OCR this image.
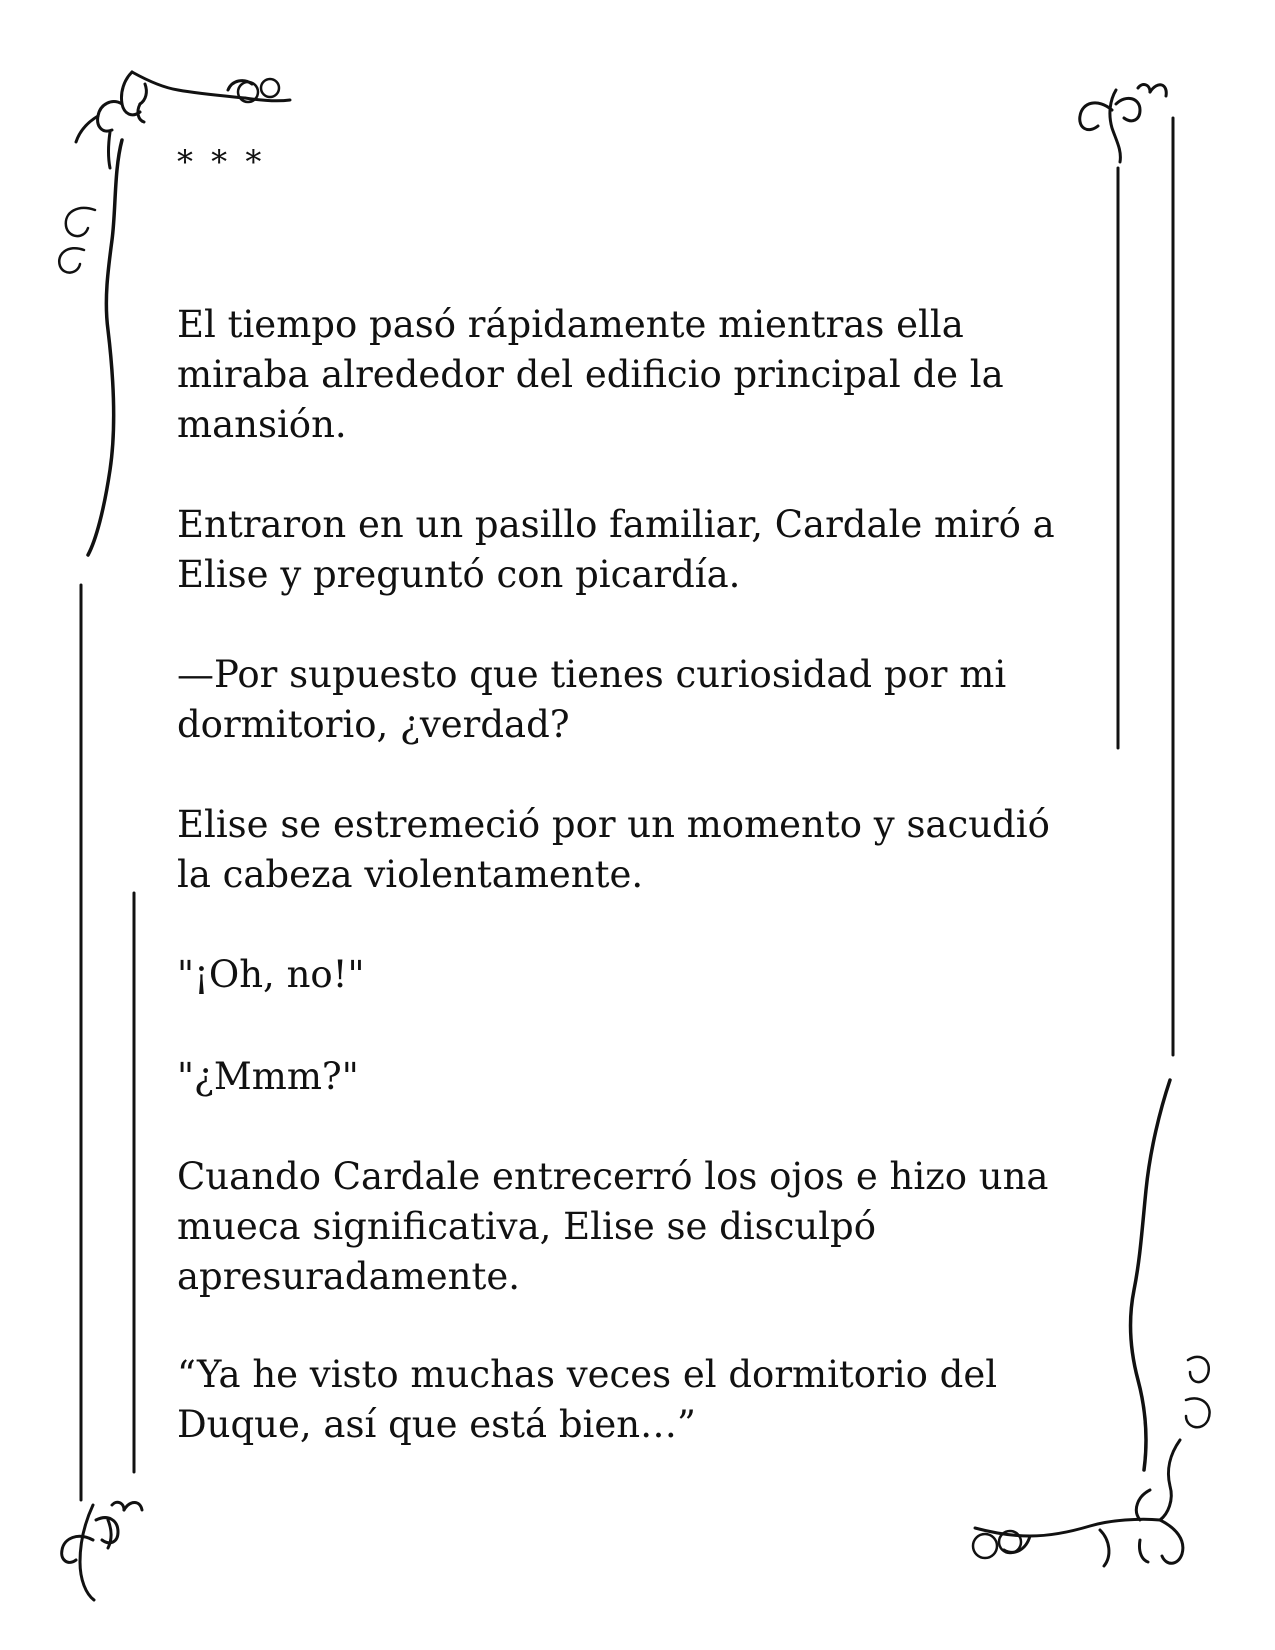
* * *

El tiempo pasó rápidamente mientras ella
miraba alrededor del edificio principal de la
mansión.

Entraron en un pasillo familiar, Cardale miró a
Elise y preguntó con picardía.

—Por supuesto que tienes curiosidad por mi
dormitorio, ¿verdad?

Elise se estremeció por un momento y sacudió
la cabeza violentamente.

"¡Oh, no!"

"¿Mmm?"

Cuando Cardale entrecerró los ojos e hizo una
mueca significativa, Elise se disculpó
apresuradamente.

“Ya he visto muchas veces el dormitorio del
Duque, así que está bien…”
